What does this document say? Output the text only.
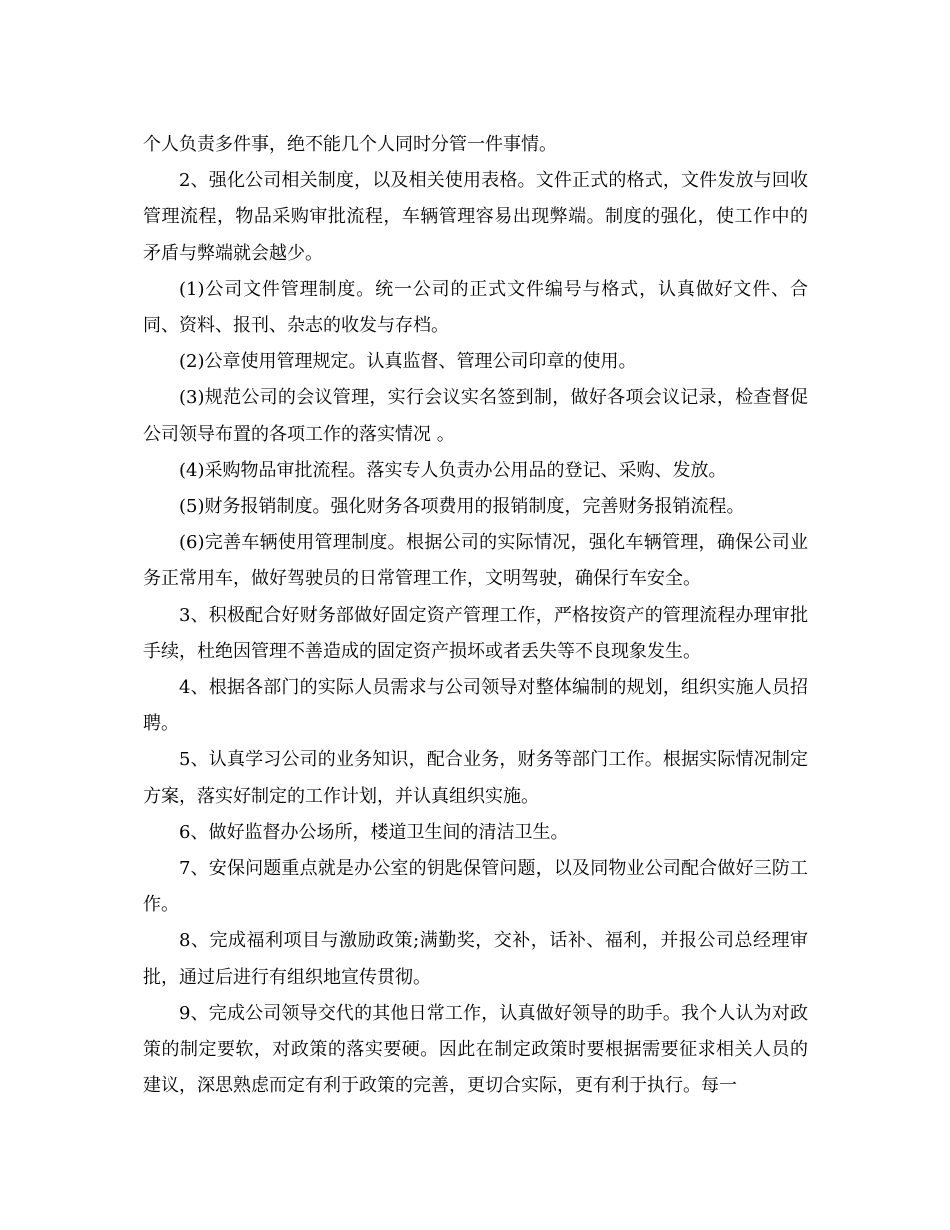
个人负责多件事，绝不能几个人同时分管一件事情。

2、强化公司相关制度，以及相关使用表格。文件正式的格式，文件发放与回收管理流程，物品采购审批流程，车辆管理容易出现弊端。制度的强化，使工作中的矛盾与弊端就会越少。

(1)公司文件管理制度。统一公司的正式文件编号与格式，认真做好文件、合同、资料、报刊、杂志的收发与存档。

(2)公章使用管理规定。认真监督、管理公司印章的使用。

(3)规范公司的会议管理，实行会议实名签到制，做好各项会议记录，检查督促公司领导布置的各项工作的落实情况 。

(4)采购物品审批流程。落实专人负责办公用品的登记、采购、发放。

(5)财务报销制度。强化财务各项费用的报销制度，完善财务报销流程。

(6)完善车辆使用管理制度。根据公司的实际情况，强化车辆管理，确保公司业务正常用车，做好驾驶员的日常管理工作，文明驾驶，确保行车安全。

3、积极配合好财务部做好固定资产管理工作，严格按资产的管理流程办理审批手续，杜绝因管理不善造成的固定资产损坏或者丢失等不良现象发生。

4、根据各部门的实际人员需求与公司领导对整体编制的规划，组织实施人员招聘。

5、认真学习公司的业务知识，配合业务，财务等部门工作。根据实际情况制定方案，落实好制定的工作计划，并认真组织实施。

6、做好监督办公场所，楼道卫生间的清洁卫生。

7、安保问题重点就是办公室的钥匙保管问题，以及同物业公司配合做好三防工作。

8、完成福利项目与激励政策;满勤奖，交补，话补、福利，并报公司总经理审批，通过后进行有组织地宣传贯彻。

9、完成公司领导交代的其他日常工作，认真做好领导的助手。我个人认为对政策的制定要软，对政策的落实要硬。因此在制定政策时要根据需要征求相关人员的建议，深思熟虑而定有利于政策的完善，更切合实际，更有利于执行。每一
